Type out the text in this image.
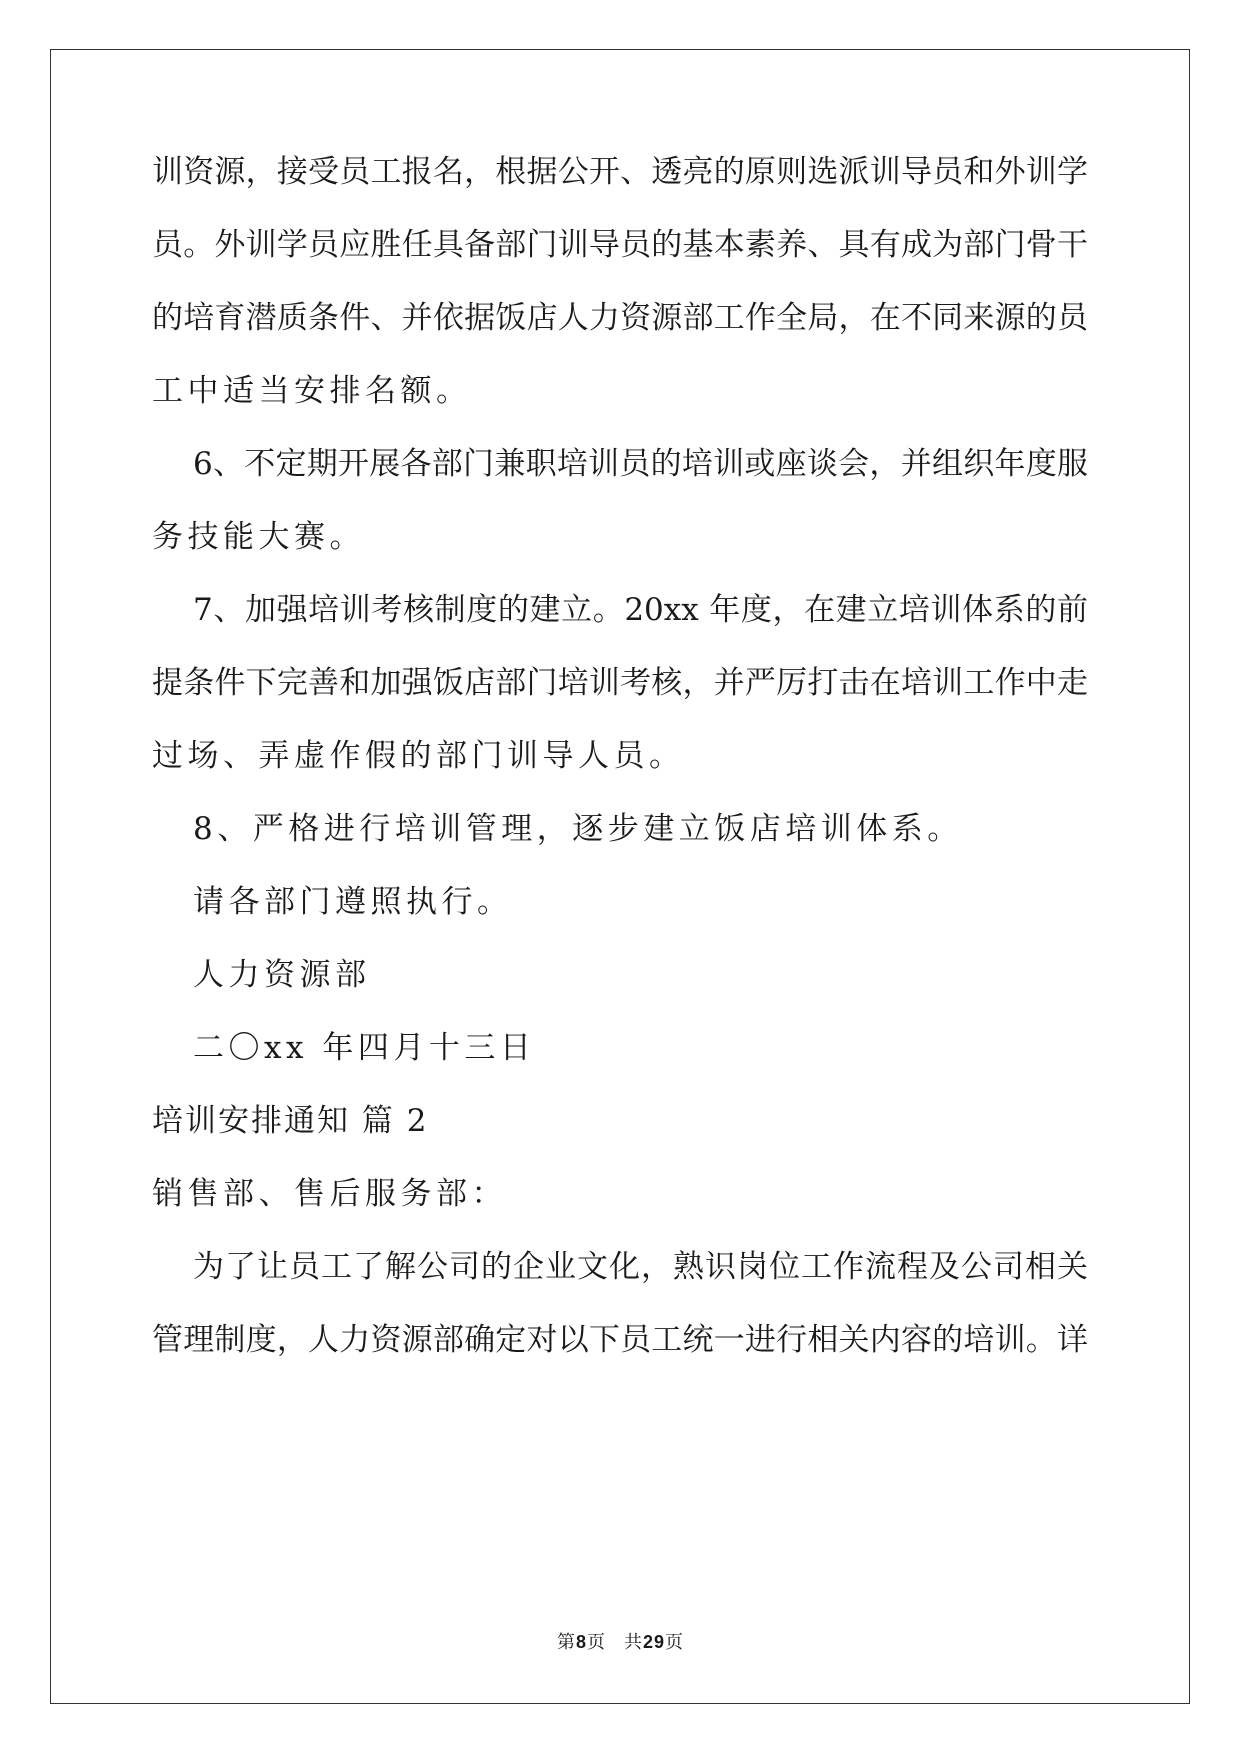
训资源，接受员工报名，根据公开、透亮的原则选派训导员和外训学
员。外训学员应胜任具备部门训导员的基本素养、具有成为部门骨干
的培育潜质条件、并依据饭店人力资源部工作全局，在不同来源的员
工中适当安排名额。
6、不定期开展各部门兼职培训员的培训或座谈会，并组织年度服
务技能大赛。
7、加强培训考核制度的建立。20xx 年度，在建立培训体系的前
提条件下完善和加强饭店部门培训考核，并严厉打击在培训工作中走
过场、弄虚作假的部门训导人员。
8、严格进行培训管理，逐步建立饭店培训体系。
请各部门遵照执行。
人力资源部
二〇xx 年四月十三日
培训安排通知 篇 2
销售部、售后服务部：
为了让员工了解公司的企业文化，熟识岗位工作流程及公司相关
管理制度，人力资源部确定对以下员工统一进行相关内容的培训。详
第8页 共29页
